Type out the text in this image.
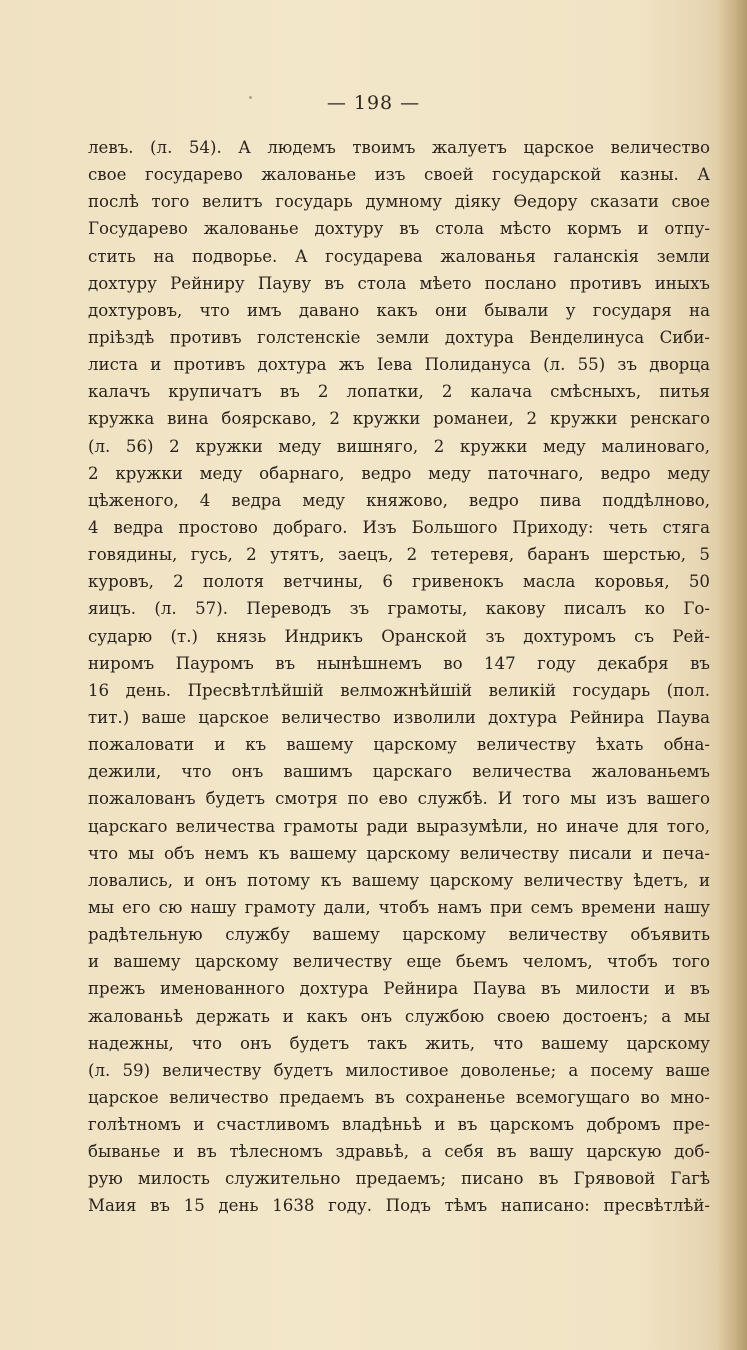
— 198 —
левъ. (л. 54). А людемъ твоимъ жалуетъ царское величество
свое государево жалованье изъ своей государской казны. А
послѣ того велитъ государь думному дiяку Ѳедору сказати свое
Государево жалованье дохтуру въ стола мѣсто кормъ и отпу-
стить на подворье. А государева жалованья галанскiя земли
дохтуру Рейниру Пауву въ стола мѣето послано противъ иныхъ
дохтуровъ, что имъ давано какъ они бывали у государя на
прiѣздѣ противъ голстенскiе земли дохтура Венделинуса Сиби-
листа и противъ дохтура жъ Iева Полидануса (л. 55) зъ дворца
калачъ крупичатъ въ 2 лопатки, 2 калача смѣсныхъ, питья
кружка вина боярскаво, 2 кружки романеи, 2 кружки ренскаго
(л. 56) 2 кружки меду вишняго, 2 кружки меду малиноваго,
2 кружки меду обарнаго, ведро меду паточнаго, ведро меду
цѣженого, 4 ведра меду княжово, ведро пива поддѣлново,
4 ведра простово добраго. Изъ Большого Приходу: четь стяга
говядины, гусь, 2 утятъ, заецъ, 2 тетеревя, баранъ шерстью, 5
куровъ, 2 полотя ветчины, 6 гривенокъ масла коровья, 50
яицъ. (л. 57). Переводъ зъ грамоты, какову писалъ ко Го-
сударю (т.) князь Индрикъ Оранской зъ дохтуромъ съ Рей-
ниромъ Пауромъ въ нынѣшнемъ во 147 году декабря въ
16 день. Пресвѣтлѣйшiй велможнѣйшiй великiй государь (пол.
тит.) ваше царское величество изволили дохтура Рейнира Паува
пожаловати и къ вашему царскому величеству ѣхать обна-
дежили, что онъ вашимъ царскаго величества жалованьемъ
пожалованъ будетъ смотря по ево службѣ. И того мы изъ вашего
царскаго величества грамоты ради выразумѣли, но иначе для того,
что мы объ немъ къ вашему царскому величеству писали и печа-
ловались, и онъ потому къ вашему царскому величеству ѣдетъ, и
мы его сю нашу грамоту дали, чтобъ намъ при семъ времени нашу
радѣтельную службу вашему царскому величеству объявить
и вашему царскому величеству еще бьемъ челомъ, чтобъ того
прежъ именованного дохтура Рейнира Паува въ милости и въ
жалованьѣ держать и какъ онъ службою своею достоенъ; а мы
надежны, что онъ будетъ такъ жить, что вашему царскому
(л. 59) величеству будетъ милостивое доволенье; а посему ваше
царское величество предаемъ въ сохраненье всемогущаго во мно-
голѣтномъ и счастливомъ владѣньѣ и въ царскомъ добромъ пре-
быванье и въ тѣлесномъ здравьѣ, а себя въ вашу царскую доб-
рую милость служительно предаемъ; писано въ Грявовой Гагѣ
Маия въ 15 день 1638 году. Подъ тѣмъ написано: пресвѣтлѣй-
